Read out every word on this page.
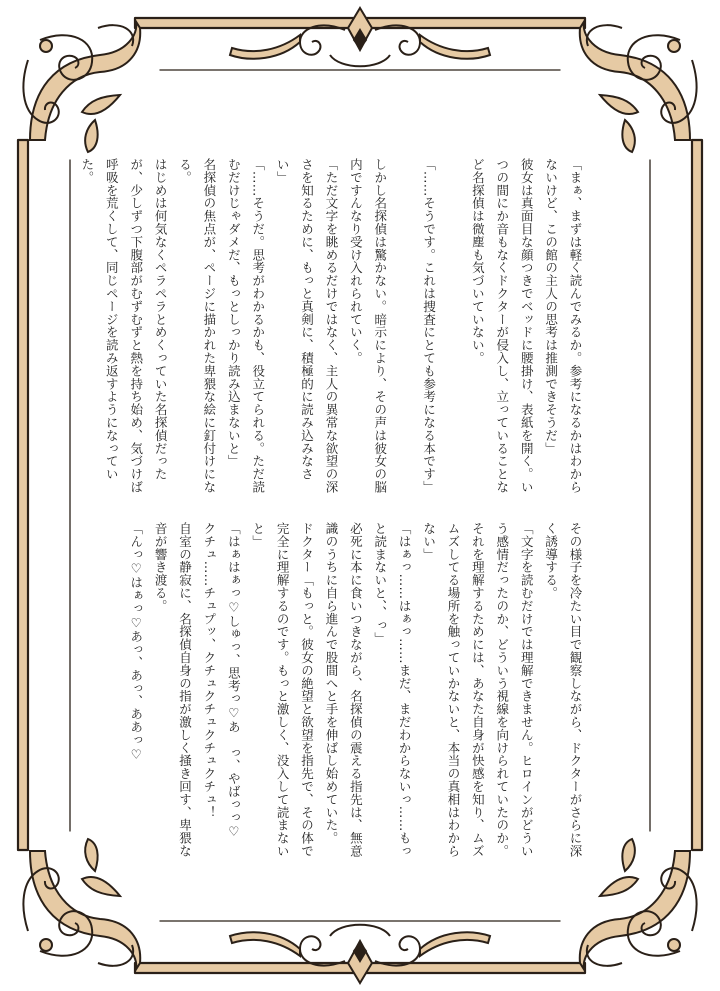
「まぁ、まずは軽く読んでみるか。参考になるかはわからないけど、この館の主人の思考は推測できそうだ」

彼女は真面目な顔つきでベッドに腰掛け、表紙を開く。いつの間にか音もなくドクターが侵入し、立っていることなど名探偵は微塵も気づいていない。

「……そうです。これは捜査にとても参考になる本です」

しかし名探偵は驚かない。暗示により、その声は彼女の脳内ですんなり受け入れられていく。

「ただ文字を眺めるだけではなく、主人の異常な欲望の深さを知るために、もっと真剣に、積極的に読み込みなさい」

「……そうだ。思考がわかるかも、役立てられる。ただ読むだけじゃダメだ、もっとしっかり読み込まないと」

名探偵の焦点が、ページに描かれた卑猥な絵に釘付けになる。

はじめは何気なくペラペラとめくっていた名探偵だったが、少しずつ下腹部がむずむずと熱を持ち始め、気づけば呼吸を荒くして、同じページを読み返すようになっていた。

その様子を冷たい目で観察しながら、ドクターがさらに深く誘導する。

「文字を読むだけでは理解できません。ヒロインがどういう感情だったのか、どういう視線を向けられていたのか。それを理解するためには、あなた自身が快感を知り、ムズムズしてる場所を触っていかないと、本当の真相はわからない」

「はぁっ……はぁっ……まだ、まだわからないっ……もっと読まないと、、っ」

必死に本に食いつきながら、名探偵の震える指先は、無意識のうちに自ら進んで股間へと手を伸ばし始めていた。

ドクター「もっと。彼女の絶望と欲望を指先で、その体で完全に理解するのです。もっと激しく、没入して読まないと」

「はぁはぁっ♡しゅっ、思考っ♡あ　っ、やばっっ♡

クチュ……チュプッ、クチュクチュクチュクチュ！

自室の静寂に、名探偵自身の指が激しく掻き回す、卑猥な音が響き渡る。

「んっ♡はぁっ♡あっ、あっ、ああっ♡
